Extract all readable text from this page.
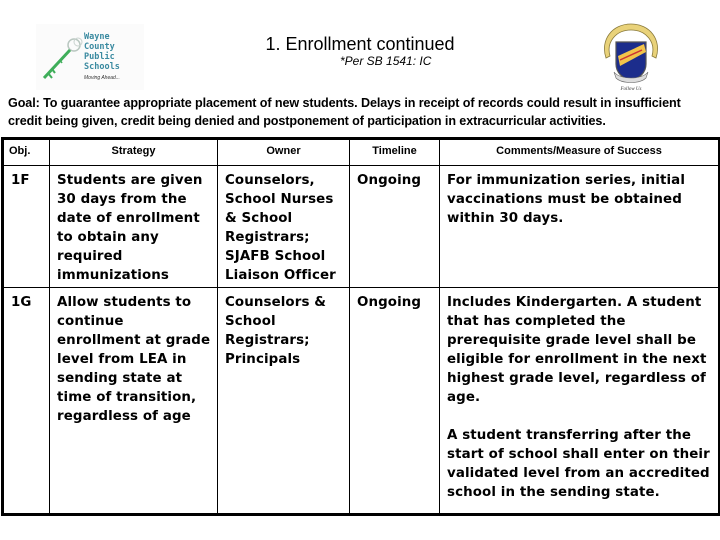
Wayne
County
Public
Schools
Moving Ahead...
1. Enrollment continued
*Per SB 1541: IC
Follow Us
Goal: To guarantee appropriate placement of new students. Delays in receipt of records could result in insufficient credit being given, credit being denied and postponement of participation in extracurricular activities.
Obj.	Strategy	Owner	Timeline	Comments/Measure of Success
1F	Students are given 30 days from the date of enrollment to obtain any required immunizations	Counselors, School Nurses & School Registrars; SJAFB School Liaison Officer	Ongoing	For immunization series, initial vaccinations must be obtained within 30 days.

1G	Allow students to continue enrollment at grade level from LEA in sending state at time of transition, regardless of age	Counselors & School Registrars; Principals	Ongoing	Includes Kindergarten. A student that has completed the prerequisite grade level shall be eligible for enrollment in the next highest grade level, regardless of age.
A student transferring after the start of school shall enter on their validated level from an accredited school in the sending state.
